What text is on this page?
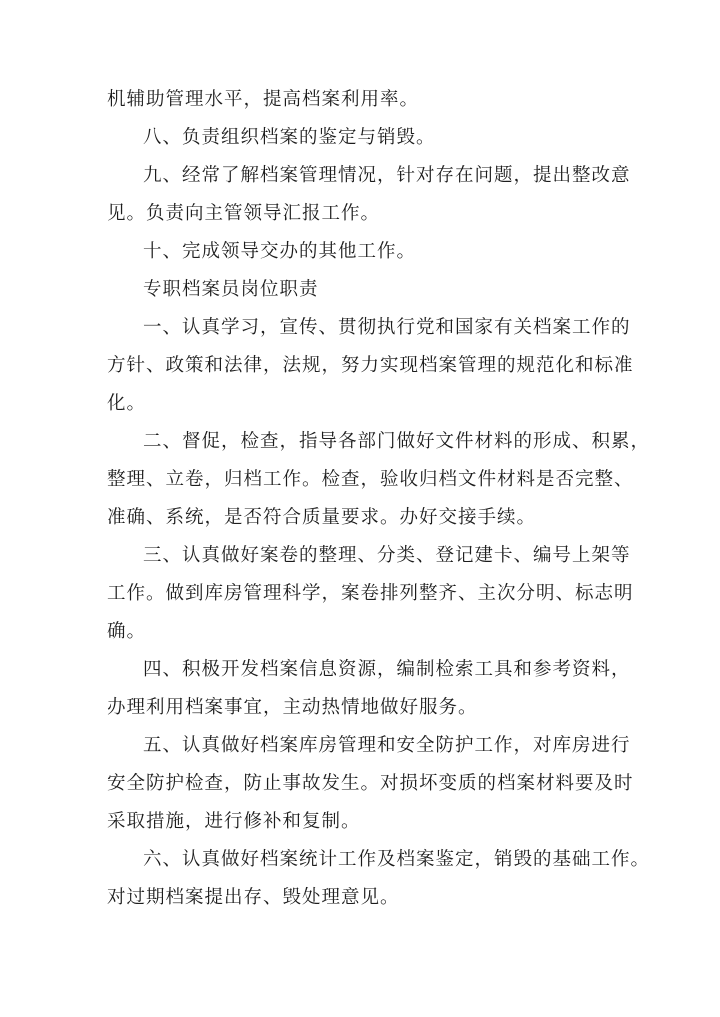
机辅助管理水平，提高档案利用率。
八、负责组织档案的鉴定与销毁。
九、经常了解档案管理情况，针对存在问题，提出整改意
见。负责向主管领导汇报工作。
十、完成领导交办的其他工作。
专职档案员岗位职责
一、认真学习，宣传、贯彻执行党和国家有关档案工作的
方针、政策和法律，法规，努力实现档案管理的规范化和标准
化。
二、督促，检查，指导各部门做好文件材料的形成、积累，
整理、立卷，归档工作。检查，验收归档文件材料是否完整、
准确、系统，是否符合质量要求。办好交接手续。
三、认真做好案卷的整理、分类、登记建卡、编号上架等
工作。做到库房管理科学，案卷排列整齐、主次分明、标志明
确。
四、积极开发档案信息资源，编制检索工具和参考资料，
办理利用档案事宜，主动热情地做好服务。
五、认真做好档案库房管理和安全防护工作，对库房进行
安全防护检查，防止事故发生。对损坏变质的档案材料要及时
采取措施，进行修补和复制。
六、认真做好档案统计工作及档案鉴定，销毁的基础工作。
对过期档案提出存、毁处理意见。
